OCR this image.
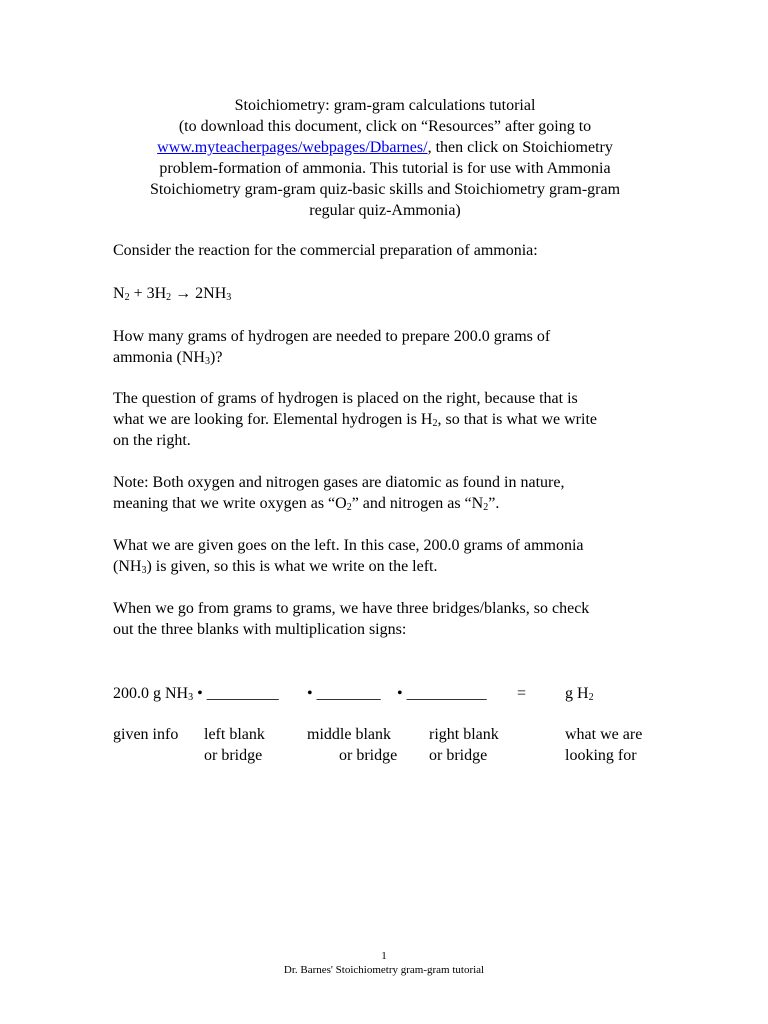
Stoichiometry: gram-gram calculations tutorial
(to download this document, click on “Resources” after going to
www.myteacherpages/webpages/Dbarnes/, then click on Stoichiometry
problem-formation of ammonia. This tutorial is for use with Ammonia
Stoichiometry gram-gram quiz-basic skills and Stoichiometry gram-gram
regular quiz-Ammonia)
Consider the reaction for the commercial preparation of ammonia:
$N_2 + 3H_2 \to 2NH_3$
How many grams of hydrogen are needed to prepare 200.0 grams of
ammonia $(NH_3)$?
The question of grams of hydrogen is placed on the right, because that is
what we are looking for. Elemental hydrogen is $H_2$, so that is what we write
on the right.
Note: Both oxygen and nitrogen gases are diatomic as found in nature,
meaning that we write oxygen as “$O_2$” and nitrogen as “$N_2$”.
What we are given goes on the left. In this case, 200.0 grams of ammonia
$(NH_3)$ is given, so this is what we write on the left.
When we go from grams to grams, we have three bridges/blanks, so check
out the three blanks with multiplication signs:
200.0 g $NH_3$ • _________ • ________ • __________ = g $H_2$
given info left blank
or bridge
middle blank
or bridge
right blank
or bridge
what we are
looking for
1
Dr. Barnes' Stoichiometry gram-gram tutorial
